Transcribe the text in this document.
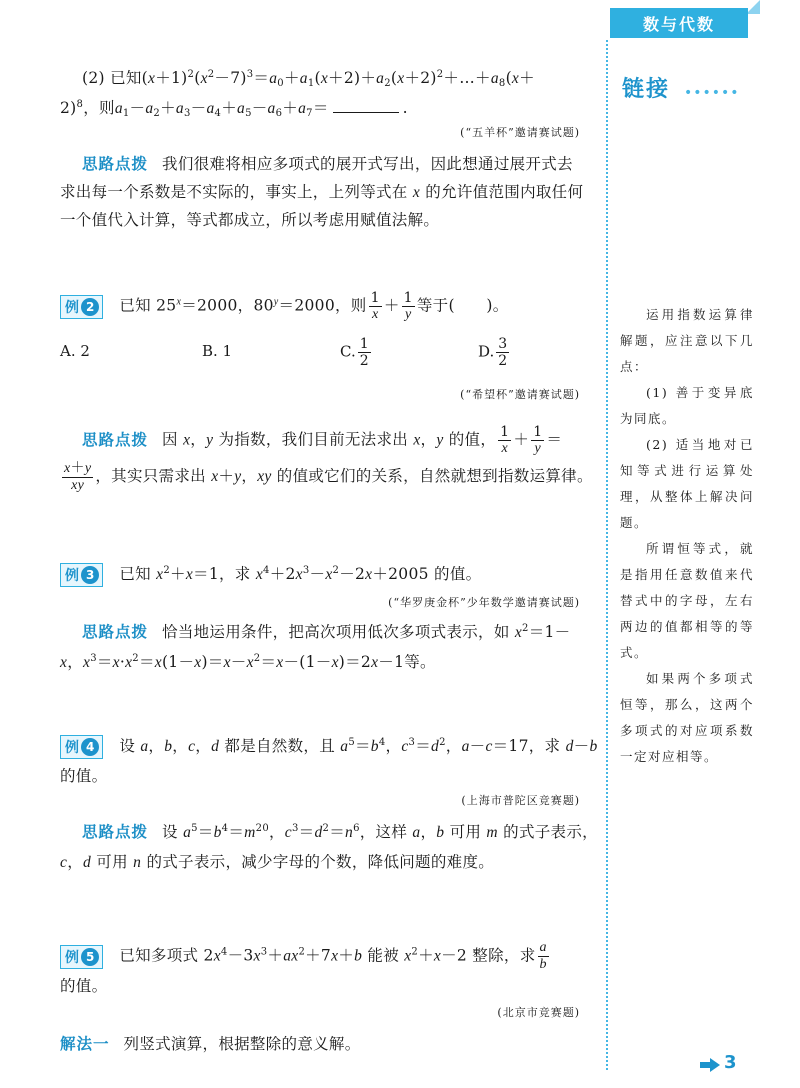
数与代数
链接 ••••••

运用指数运算律解题，应注意以下几点：

(1) 善于变异底为同底。

(2) 适当地对已知等式进行运算处理，从整体上解决问题。

所谓恒等式，就是指用任意数值来代替式中的字母，左右两边的值都相等的等式。

如果两个多项式恒等，那么，这两个多项式的对应项系数一定对应相等。

(2) 已知$(x+1)^2(x^2-7)^3=a_0+a_1(x+2)+a_2(x+2)^2+\dots+a_8(x+$
2)$^8$，则$a_1-a_2+a_3-a_4+a_5-a_6+a_7=$	.
(“五羊杯”邀请赛试题)
思路点拨 我们很难将相应多项式的展开式写出，因此想通过展开式去
求出每一个系数是不实际的，事实上，上列等式在 x 的允许值范围内取任何
一个值代入计算，等式都成立，所以考虑用赋值法解。
例 2	已知 $25^x=2000$，$80^y=2000$，则 $\frac{1}{x} + \frac{1}{y}$ 等于(　　)。
A. 2	B. 1	C. $\frac{1}{2}$	D. $\frac{3}{2}$
(“希望杯”邀请赛试题)
思路点拨 因 x，y 为指数，我们目前无法求出 x，y 的值， $\frac{1}{x} + \frac{1}{y}$ ＝
$\frac{x+y}{xy}$ ，其实只需求出 x＋y，xy 的值或它们的关系，自然就想到指数运算律。
例 3	已知 $x^2+x=1$，求 $x^4+2x^3-x^2-2x+2005$ 的值。
(“华罗庚金杯”少年数学邀请赛试题)
思路点拨 恰当地运用条件，把高次项用低次多项式表示，如 $x^2=1-$
x，$x^3=x\cdot x^2=x(1-x)=x-x^2=x-(1-x)=2x-1$等。
例 4	设 a，b，c，d 都是自然数，且 $a^5=b^4$，$c^3=d^2$，a－c＝17，求 d－b
的值。
(上海市普陀区竞赛题)
思路点拨 设 $a^5=b^4=m^{20}$，$c^3=d^2=n^6$，这样 a，b 可用 m 的式子表示，
c，d 可用 n 的式子表示，减少字母的个数，降低问题的难度。
例 5	已知多项式 $2x^4-3x^3+ax^2+7x+b$ 能被 $x^2+x-2$ 整除，求 $\frac{a}{b}$
的值。
(北京市竞赛题)
解法一 列竖式演算，根据整除的意义解。
3
